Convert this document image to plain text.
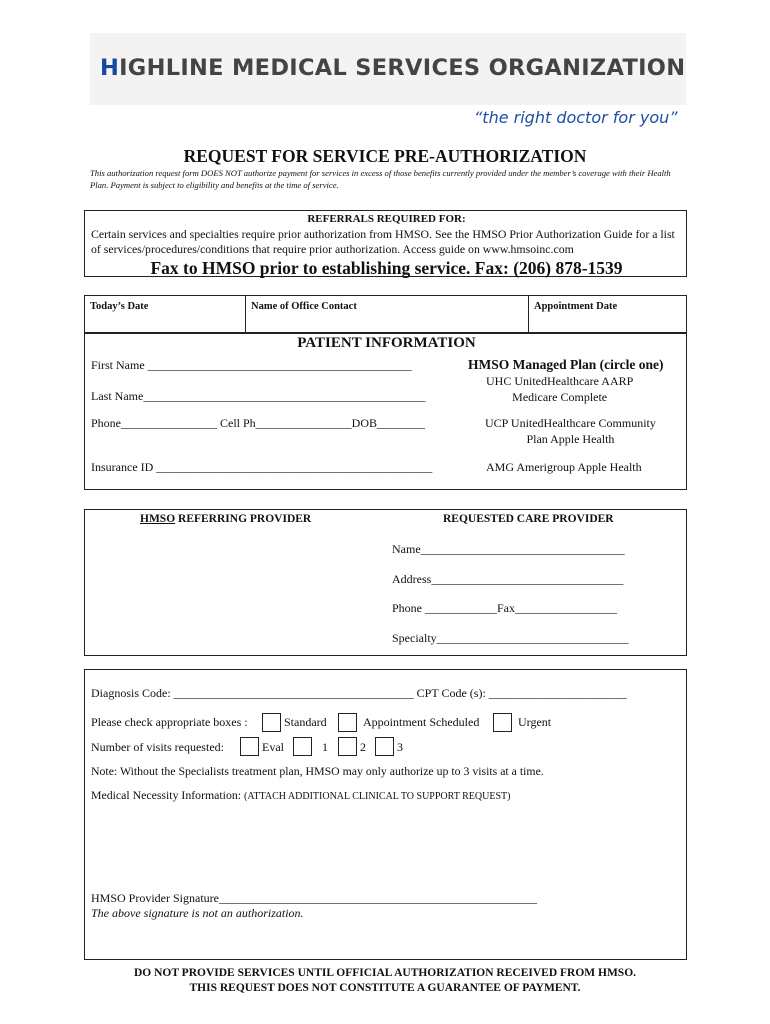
HIGHLINE MEDICAL SERVICES ORGANIZATION
“the right doctor for you”
REQUEST FOR SERVICE PRE-AUTHORIZATION
This authorization request form DOES NOT authorize payment for services in excess of those benefits currently provided under the member’s coverage with their Health Plan. Payment is subject to eligibility and benefits at the time of service.
REFERRALS REQUIRED FOR:
Certain services and specialties require prior authorization from HMSO. See the HMSO Prior Authorization Guide for a list of services/procedures/conditions that require prior authorization. Access guide on www.hmsoinc.com
Fax to HMSO prior to establishing service. Fax: (206) 878-1539
Today’s Date	Name of Office Contact	Appointment Date
PATIENT INFORMATION
First Name ____________________________________________
Last Name_______________________________________________
Phone________________ Cell Ph________________DOB________
Insurance ID ______________________________________________
HMSO Managed Plan (circle one)
UHC UnitedHealthcare AARP
Medicare Complete
UCP UnitedHealthcare Community
Plan Apple Health
AMG Amerigroup Apple Health
HMSO REFERRING PROVIDER	REQUESTED CARE PROVIDER
Name__________________________________
Address________________________________
Phone ____________Fax_________________
Specialty________________________________
Diagnosis Code: ________________________________________ CPT Code (s): _______________________
Please check appropriate boxes :	Standard	Appointment Scheduled	Urgent
Number of visits requested:	Eval	1	2	3
Note: Without the Specialists treatment plan, HMSO may only authorize up to 3 visits at a time.
Medical Necessity Information: (ATTACH ADDITIONAL CLINICAL TO SUPPORT REQUEST)
HMSO Provider Signature_____________________________________________________
The above signature is not an authorization.
DO NOT PROVIDE SERVICES UNTIL OFFICIAL AUTHORIZATION RECEIVED FROM HMSO.
THIS REQUEST DOES NOT CONSTITUTE A GUARANTEE OF PAYMENT.
